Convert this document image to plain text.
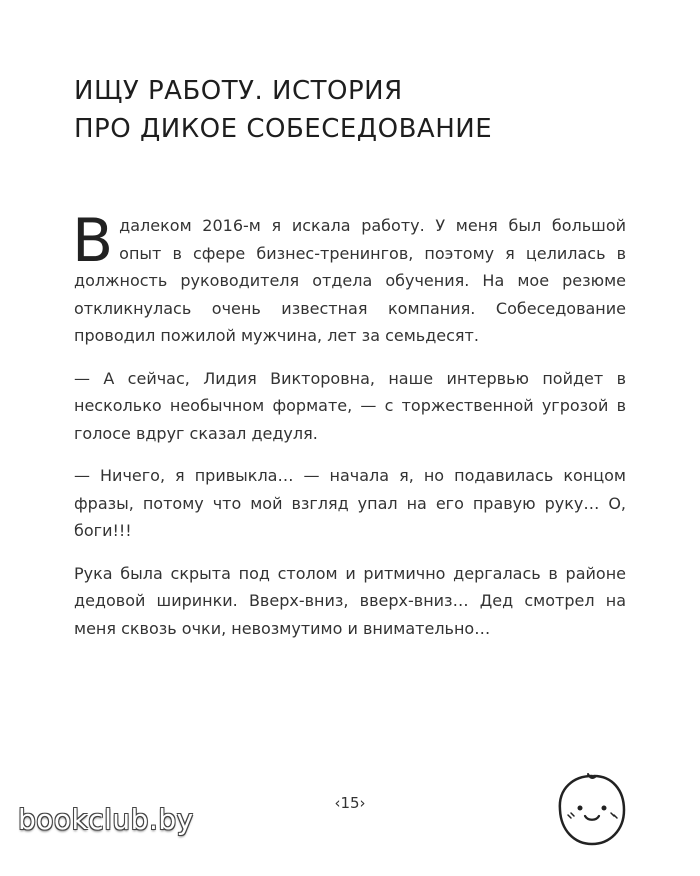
ИЩУ РАБОТУ. ИСТОРИЯ
ПРО ДИКОЕ СОБЕСЕДОВАНИЕ

В далеком 2016-м я искала работу. У меня был большой опыт в сфере бизнес-тренингов, поэтому я целилась в должность руководителя отдела обучения. На мое резюме откликнулась очень известная компания. Собеседование проводил пожилой мужчина, лет за семьдесят.

— А сейчас, Лидия Викторовна, наше интервью пойдет в несколько необычном формате, — с торжественной угрозой в голосе вдруг сказал дедуля.

— Ничего, я привыкла… — начала я, но подавилась концом фразы, потому что мой взгляд упал на его правую руку… О, боги!!!

Рука была скрыта под столом и ритмично дергалась в районе дедовой ширинки. Вверх-вниз, вверх-вниз… Дед смотрел на меня сквозь очки, невозмутимо и внимательно…

‹15›
bookclub.by
